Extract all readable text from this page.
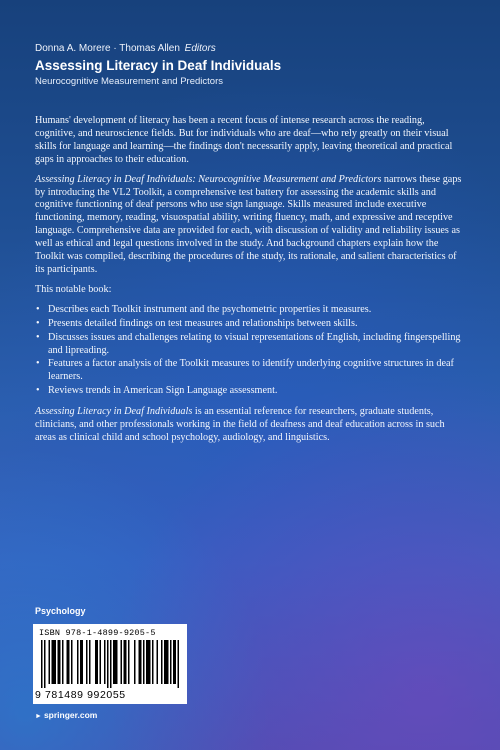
Donna A. Morere · Thomas Allen Editors
Assessing Literacy in Deaf Individuals
Neurocognitive Measurement and Predictors

Humans' development of literacy has been a recent focus of intense research across the reading, cognitive, and neuroscience fields. But for individuals who are deaf—who rely greatly on their visual skills for language and learning—the findings don't necessarily apply, leaving theoretical and practical gaps in approaches to their education.

Assessing Literacy in Deaf Individuals: Neurocognitive Measurement and Predictors narrows these gaps by introducing the VL2 Toolkit, a comprehensive test battery for assessing the academic skills and cognitive functioning of deaf persons who use sign language. Skills measured include executive functioning, memory, reading, visuospatial ability, writing fluency, math, and expressive and receptive language. Comprehensive data are provided for each, with discussion of validity and reliability issues as well as ethical and legal questions involved in the study. And background chapters explain how the Toolkit was compiled, describing the procedures of the study, its rationale, and salient characteristics of its participants.

This notable book:

• Describes each Toolkit instrument and the psychometric properties it measures.
• Presents detailed findings on test measures and relationships between skills.
• Discusses issues and challenges relating to visual representations of English, including fingerspelling and lipreading.
• Features a factor analysis of the Toolkit measures to identify underlying cognitive structures in deaf learners.
• Reviews trends in American Sign Language assessment.

Assessing Literacy in Deaf Individuals is an essential reference for researchers, graduate students, clinicians, and other professionals working in the field of deafness and deaf education across in such areas as clinical child and school psychology, audiology, and linguistics.

Psychology
ISBN 978-1-4899-9205-5
9 781489 992055
► springer.com
